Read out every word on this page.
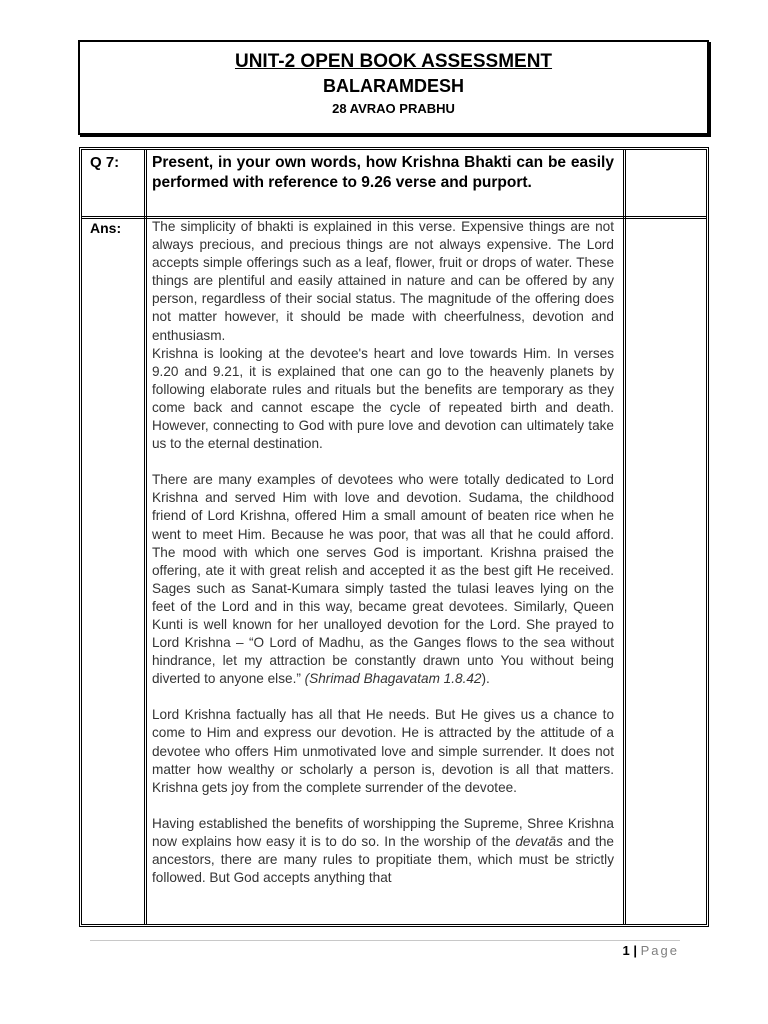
UNIT-2 OPEN BOOK ASSESSMENT
BALARAMDESH
28 AVRAO PRABHU
Q 7: Present, in your own words, how Krishna Bhakti can be easily performed with reference to 9.26 verse and purport.
Ans: The simplicity of bhakti is explained in this verse. Expensive things are not always precious, and precious things are not always expensive. The Lord accepts simple offerings such as a leaf, flower, fruit or drops of water. These things are plentiful and easily attained in nature and can be offered by any person, regardless of their social status. The magnitude of the offering does not matter however, it should be made with cheerfulness, devotion and enthusiasm.

Krishna is looking at the devotee's heart and love towards Him. In verses 9.20 and 9.21, it is explained that one can go to the heavenly planets by following elaborate rules and rituals but the benefits are temporary as they come back and cannot escape the cycle of repeated birth and death. However, connecting to God with pure love and devotion can ultimately take us to the eternal destination.

There are many examples of devotees who were totally dedicated to Lord Krishna and served Him with love and devotion. Sudama, the childhood friend of Lord Krishna, offered Him a small amount of beaten rice when he went to meet Him. Because he was poor, that was all that he could afford. The mood with which one serves God is important. Krishna praised the offering, ate it with great relish and accepted it as the best gift He received. Sages such as Sanat-Kumara simply tasted the tulasi leaves lying on the feet of the Lord and in this way, became great devotees. Similarly, Queen Kunti is well known for her unalloyed devotion for the Lord. She prayed to Lord Krishna – “O Lord of Madhu, as the Ganges flows to the sea without hindrance, let my attraction be constantly drawn unto You without being diverted to anyone else.” (Shrimad Bhagavatam 1.8.42).

Lord Krishna factually has all that He needs. But He gives us a chance to come to Him and express our devotion. He is attracted by the attitude of a devotee who offers Him unmotivated love and simple surrender. It does not matter how wealthy or scholarly a person is, devotion is all that matters. Krishna gets joy from the complete surrender of the devotee.

Having established the benefits of worshipping the Supreme, Shree Krishna now explains how easy it is to do so. In the worship of the devatās and the ancestors, there are many rules to propitiate them, which must be strictly followed. But God accepts anything that

1 | Page
